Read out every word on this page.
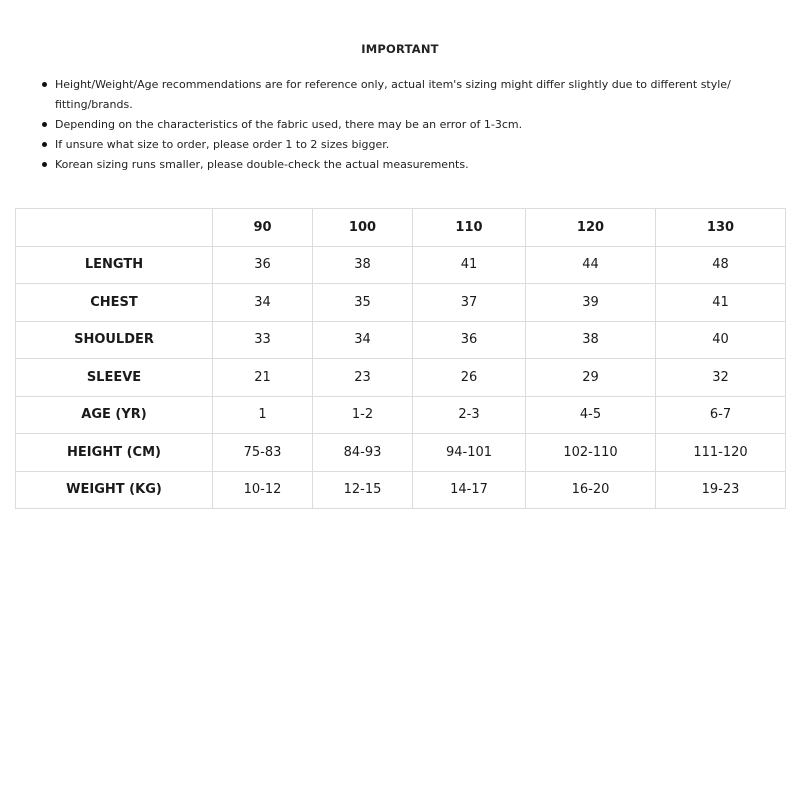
IMPORTANT
Height/Weight/Age recommendations are for reference only, actual item's sizing might differ slightly due to different style/ fitting/brands.
Depending on the characteristics of the fabric used, there may be an error of 1-3cm.
If unsure what size to order, please order 1 to 2 sizes bigger.
Korean sizing runs smaller, please double-check the actual measurements.
	90	100	110	120	130
LENGTH	36	38	41	44	48
CHEST	34	35	37	39	41
SHOULDER	33	34	36	38	40
SLEEVE	21	23	26	29	32
AGE (YR)	1	1-2	2-3	4-5	6-7
HEIGHT (CM)	75-83	84-93	94-101	102-110	111-120
WEIGHT (KG)	10-12	12-15	14-17	16-20	19-23
